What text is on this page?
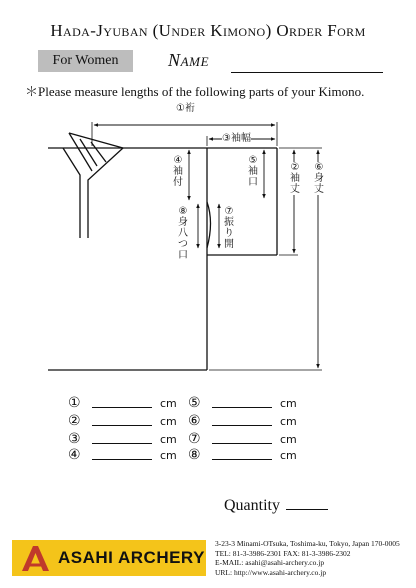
Hada-Jyuban (Under Kimono) Order Form
For Women	Name
＊Please measure lengths of the following parts of your Kimono.
①裄
③袖幅
④袖付
⑤袖口
②袖丈
⑥身丈
⑦振り開
⑧身八つ口
①	cm
②	cm
③	cm
④	cm
⑤	cm
⑥	cm
⑦	cm
⑧	cm
Quantity
ASAHI ARCHERY
3-23-3 Minami-OTsuka, Toshima-ku, Tokyo, Japan 170-0005
TEL: 81-3-3986-2301 FAX: 81-3-3986-2302
E-MAIL: asahi@asahi-archery.co.jp
URL: http://www.asahi-archery.co.jp
